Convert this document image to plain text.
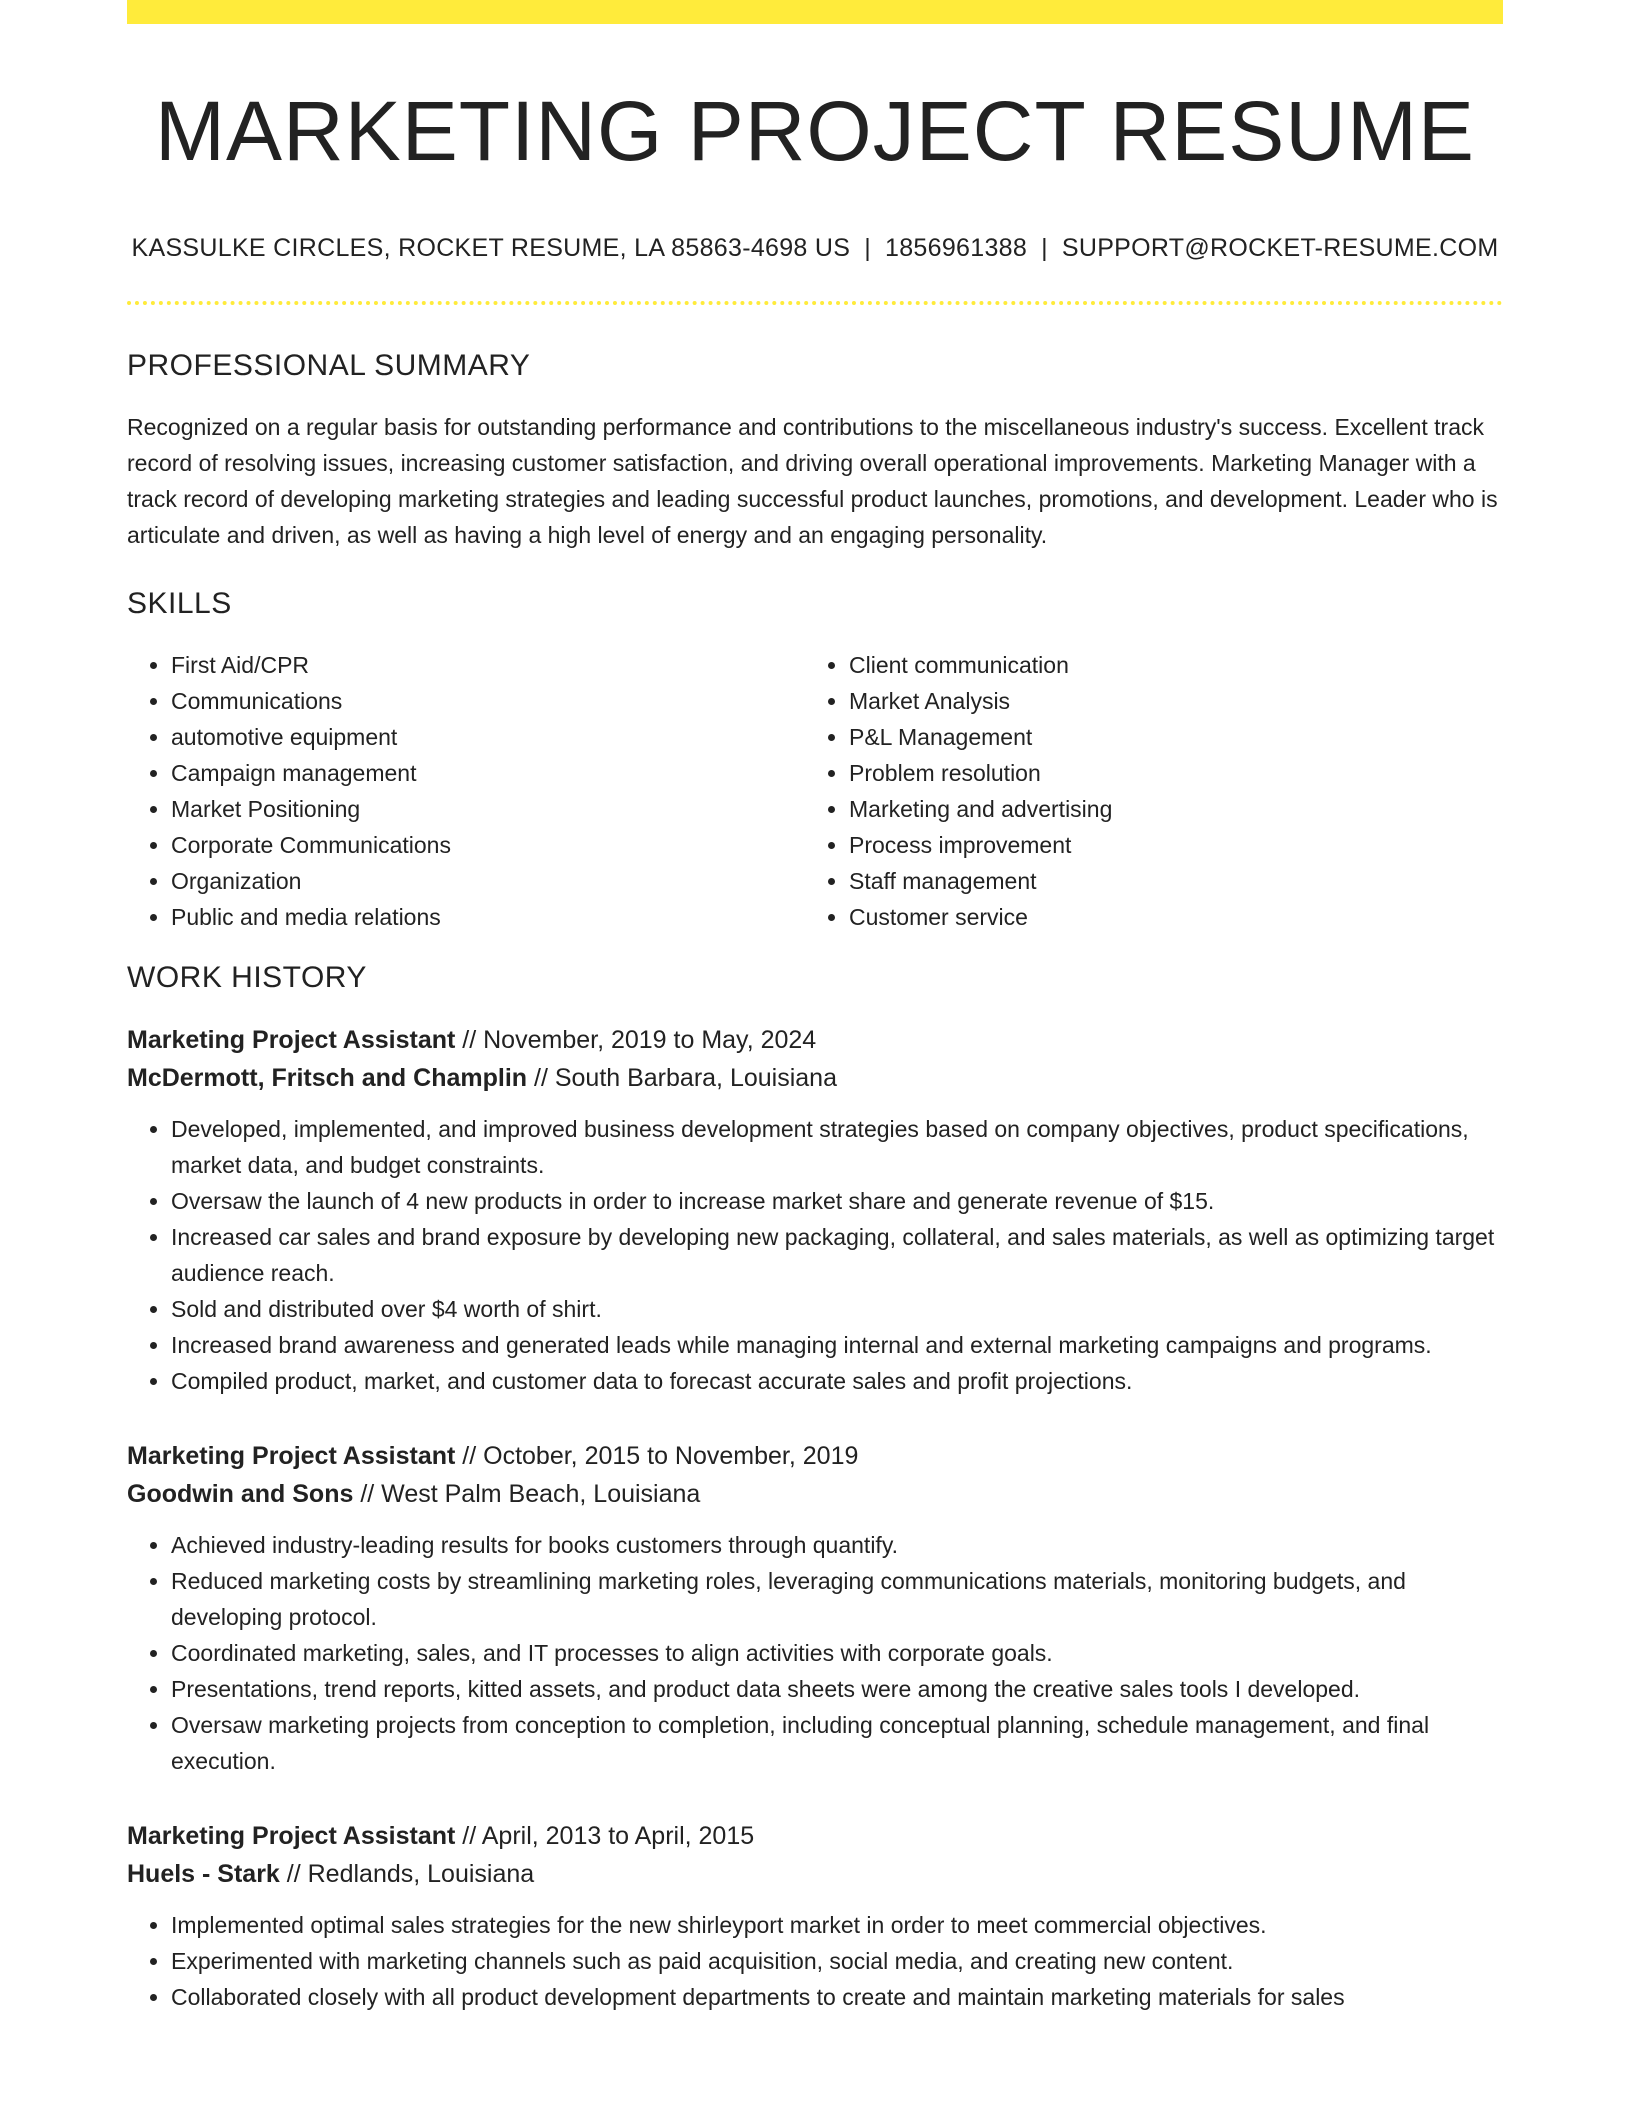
MARKETING PROJECT RESUME
KASSULKE CIRCLES, ROCKET RESUME, LA 85863-4698 US | 1856961388 | SUPPORT@ROCKET-RESUME.COM
PROFESSIONAL SUMMARY
Recognized on a regular basis for outstanding performance and contributions to the miscellaneous industry's success. Excellent track record of resolving issues, increasing customer satisfaction, and driving overall operational improvements. Marketing Manager with a track record of developing marketing strategies and leading successful product launches, promotions, and development. Leader who is articulate and driven, as well as having a high level of energy and an engaging personality.
SKILLS
• First Aid/CPR
• Communications
• automotive equipment
• Campaign management
• Market Positioning
• Corporate Communications
• Organization
• Public and media relations
• Client communication
• Market Analysis
• P&L Management
• Problem resolution
• Marketing and advertising
• Process improvement
• Staff management
• Customer service
WORK HISTORY
Marketing Project Assistant // November, 2019 to May, 2024
McDermott, Fritsch and Champlin // South Barbara, Louisiana
• Developed, implemented, and improved business development strategies based on company objectives, product specifications, market data, and budget constraints.
• Oversaw the launch of 4 new products in order to increase market share and generate revenue of $15.
• Increased car sales and brand exposure by developing new packaging, collateral, and sales materials, as well as optimizing target audience reach.
• Sold and distributed over $4 worth of shirt.
• Increased brand awareness and generated leads while managing internal and external marketing campaigns and programs.
• Compiled product, market, and customer data to forecast accurate sales and profit projections.
Marketing Project Assistant // October, 2015 to November, 2019
Goodwin and Sons // West Palm Beach, Louisiana
• Achieved industry-leading results for books customers through quantify.
• Reduced marketing costs by streamlining marketing roles, leveraging communications materials, monitoring budgets, and developing protocol.
• Coordinated marketing, sales, and IT processes to align activities with corporate goals.
• Presentations, trend reports, kitted assets, and product data sheets were among the creative sales tools I developed.
• Oversaw marketing projects from conception to completion, including conceptual planning, schedule management, and final execution.
Marketing Project Assistant // April, 2013 to April, 2015
Huels - Stark // Redlands, Louisiana
• Implemented optimal sales strategies for the new shirleyport market in order to meet commercial objectives.
• Experimented with marketing channels such as paid acquisition, social media, and creating new content.
• Collaborated closely with all product development departments to create and maintain marketing materials for sales
